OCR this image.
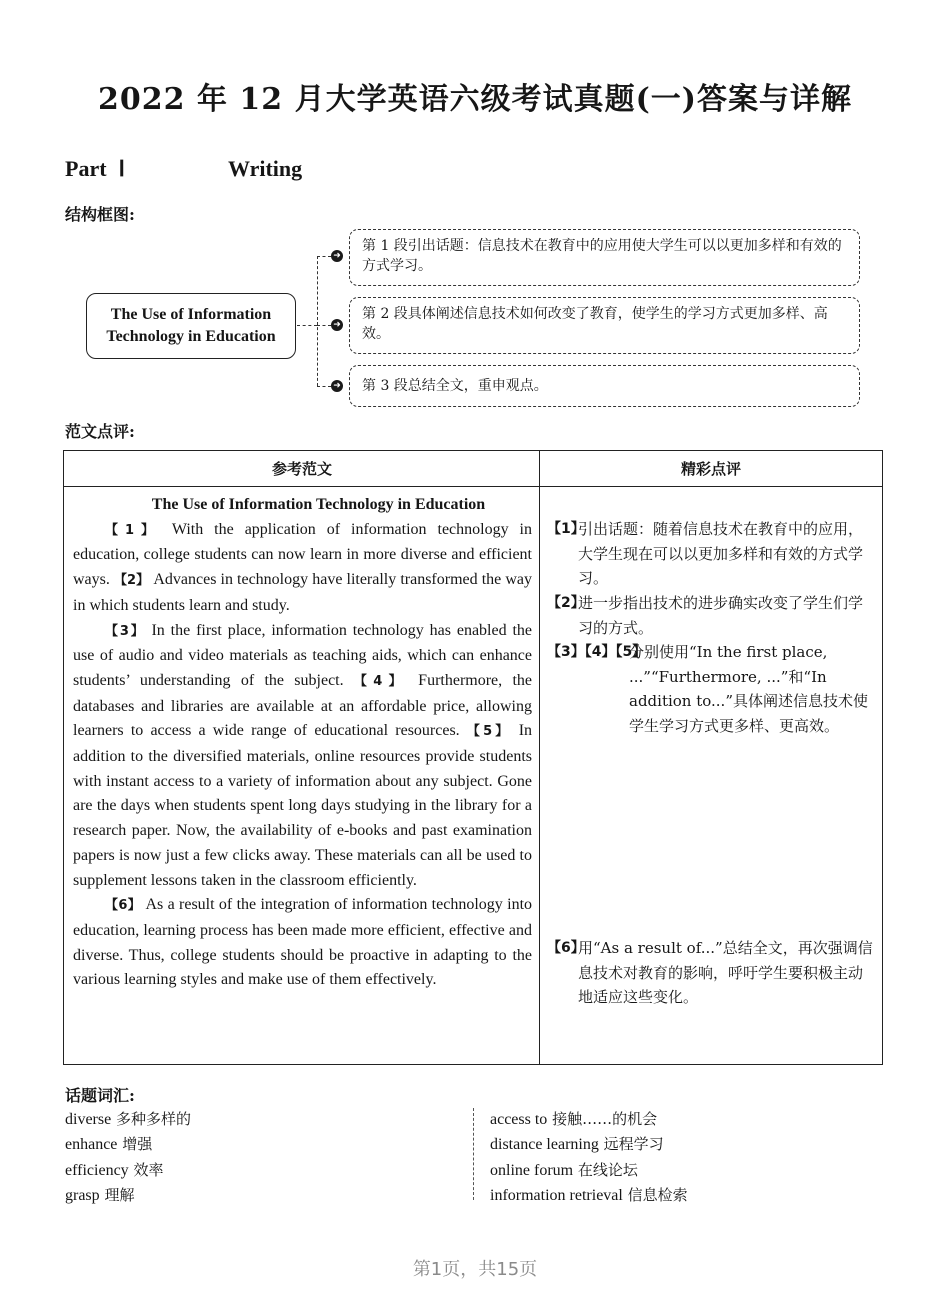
2022 年 12 月大学英语六级考试真题(一)答案与详解
Part Ⅰ	Writing
结构框图:
The Use of Information
Technology in Education
➜
➜
➜
第 1 段引出话题：信息技术在教育中的应用使大学生可以以更加多样和有效的方式学习。
第 2 段具体阐述信息技术如何改变了教育，使学生的学习方式更加多样、高效。
第 3 段总结全文，重申观点。
范文点评:
参考范文	精彩点评

The Use of Information Technology in Education

【1】 With the application of information technology in education, college students can now learn in more diverse and efficient ways. 【2】 Advances in technology have literally transformed the way in which students learn and study.

【3】 In the first place, information technology has enabled the use of audio and video materials as teaching aids, which can enhance students’ understanding of the subject. 【4】 Furthermore, the databases and libraries are available at an affordable price, allowing learners to access a wide range of educational resources. 【5】 In addition to the diversified materials, online resources provide students with instant access to a variety of information about any subject. Gone are the days when students spent long days studying in the library for a research paper. Now, the availability of e-books and past examination papers is now just a few clicks away. These materials can all be used to supplement lessons taken in the classroom efficiently.

【6】 As a result of the integration of information technology into education, learning process has been made more efficient, effective and diverse. Thus, college students should be proactive in adapting to the various learning styles and make use of them effectively.

【1】
引出话题：随着信息技术在教育中的应用，大学生现在可以以更加多样和有效的方式学习。
【2】
进一步指出技术的进步确实改变了学生们学习的方式。
【3】【4】【5】
分别使用“In the first place, ...”“Furthermore, ...”和“In addition to...”具体阐述信息技术使学生学习方式更多样、更高效。
【6】
用“As a result of...”总结全文，再次强调信息技术对教育的影响，呼吁学生要积极主动地适应这些变化。
话题词汇:
diverse 多种多样的
enhance 增强
efficiency 效率
grasp 理解
access to 接触……的机会
distance learning 远程学习
online forum 在线论坛
information retrieval 信息检索
第1页，共15页
